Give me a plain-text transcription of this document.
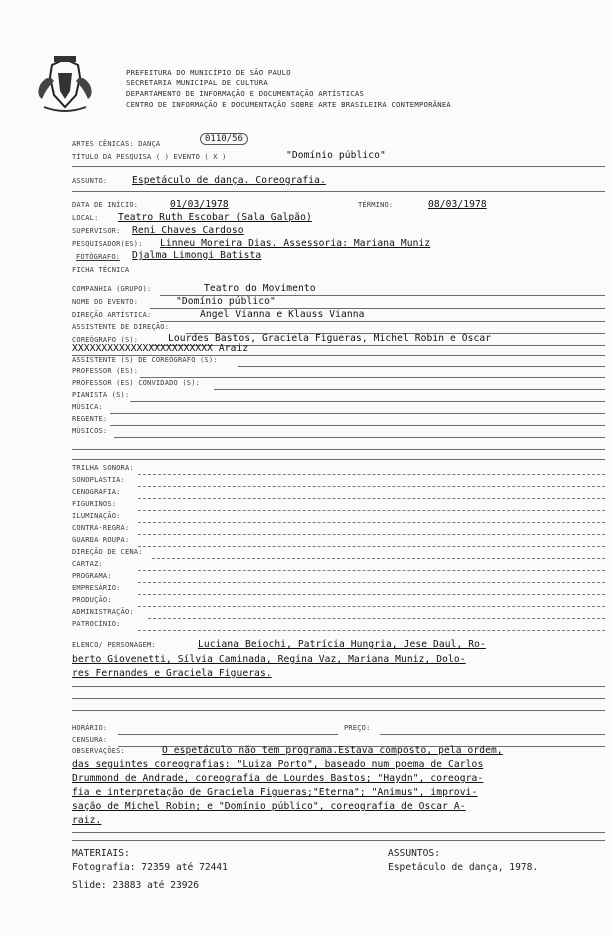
PREFEITURA DO MUNICÍPIO DE SÃO PAULO
SECRETARIA MUNICIPAL DE CULTURA
DEPARTAMENTO DE INFORMAÇÃO E DOCUMENTAÇÃO ARTÍSTICAS
CENTRO DE INFORMAÇÃO E DOCUMENTAÇÃO SOBRE ARTE BRASILEIRA CONTEMPORÂNEA
ARTES CÊNICAS: DANÇA	0110/56
TÍTULO DA PESQUISA ( ) EVENTO ( X )	"Domínio público"
ASSUNTO:	Espetáculo de dança. Coreografia.
DATA DE INÍCIO:	01/03/1978	TÉRMINO:	08/03/1978
LOCAL: Teatro Ruth Escobar (Sala Galpão)
SUPERVISOR: Reni Chaves Cardoso
PESQUISADOR(ES): Linneu Moreira Dias. Assessoria: Mariana Muniz
FOTÓGRAFO: Djalma Limongi Batista
FICHA TÉCNICA
COMPANHIA (GRUPO):	Teatro do Movimento
NOME DO EVENTO:	"Domínio público"
DIREÇÃO ARTÍSTICA:	Angel Vianna e Klauss Vianna
ASSISTENTE DE DIREÇÃO:
COREÓGRAFO (S):	Lourdes Bastos, Graciela Figueras, Michel Robin e Oscar
XXXXXXXXXXXXXXXXXXXXXXXX Araiz
ASSISTENTE (S) DE COREÓGRAFO (S):
PROFESSOR (ES):
PROFESSOR (ES) CONVIDADO (S):
PIANISTA (S):
MÚSICA:
REGENTE:
MÚSICOS:
TRILHA SONORA:
SONOPLASTIA:
CENOGRAFIA:
FIGURINOS:
ILUMINAÇÃO:
CONTRA-REGRA:
GUARDA ROUPA:
DIREÇÃO DE CENA:
CARTAZ:
PROGRAMA:
EMPRESÁRIO:
PRODUÇÃO:
ADMINISTRAÇÃO:
PATROCÍNIO:
ELENCO/ PERSONAGEM:	Luciana Beiochi, Patrícia Hungria, Jese Daul, Ro-
berto Giovenetti, Sílvia Caminada, Regina Vaz, Mariana Muniz, Dolo-
res Fernandes e Graciela Figueras.
HORÁRIO:	PREÇO:
CENSURA:
OBSERVAÇÕES:	O espetáculo não tem programa.Estava composto, pela ordem,
das seguintes coreografias: "Luiza Porto", baseado num poema de Carlos
Drummond de Andrade, coreografia de Lourdes Bastos; "Haydn", coreogra-
fia e interpretação de Graciela Figueras;"Eterna"; "Animus", improvi-
sação de Michel Robin; e "Domínio público", coreografia de Oscar A-
raiz.
MATERIAIS:
Fotografia: 72359 até 72441
Slide: 23883 até 23926
ASSUNTOS:
Espetáculo de dança, 1978.
